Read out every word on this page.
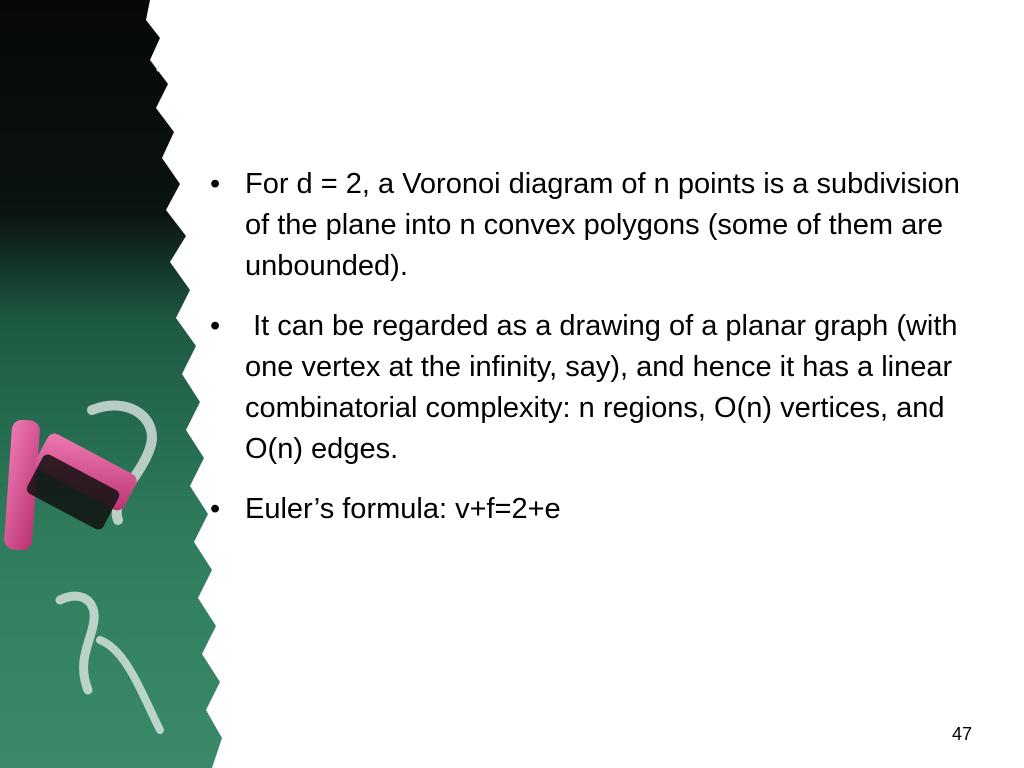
• For d = 2, a Voronoi diagram of n points is a subdivision of the plane into n convex polygons (some of them are unbounded).
• It can be regarded as a drawing of a planar graph (with one vertex at the infinity, say), and hence it has a linear combinatorial complexity: n regions, O(n) vertices, and O(n) edges.
• Euler’s formula: v+f=2+e
47
